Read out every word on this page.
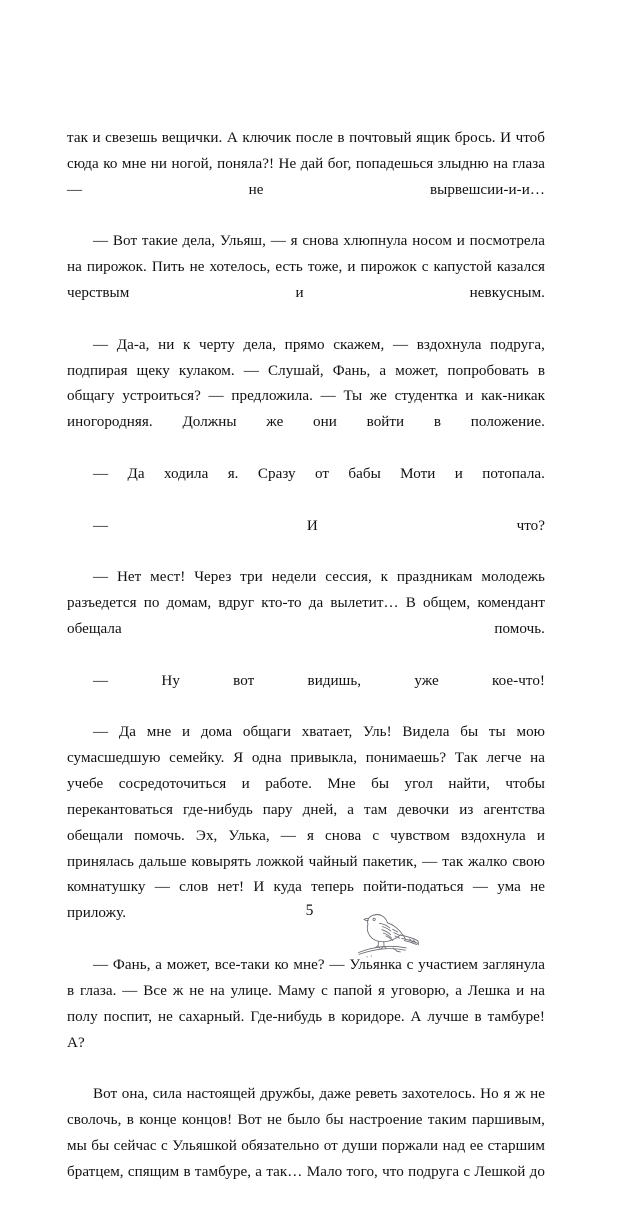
так и свезешь вещички. А ключик после в почтовый ящик брось. И чтоб сюда ко мне ни ногой, поняла?! Не дай бог, попадешься злыдню на глаза — не вырвешсии-и-и…

— Вот такие дела, Ульяш, — я снова хлюпнула носом и посмотрела на пирожок. Пить не хотелось, есть тоже, и пирожок с капустой казался черствым и невкусным.

— Да-а, ни к черту дела, прямо скажем, — вздохнула подруга, подпирая щеку кулаком. — Слушай, Фань, а может, попробовать в общагу устроиться? — предложила. — Ты же студентка и как-никак иногородняя. Должны же они войти в положение.

— Да ходила я. Сразу от бабы Моти и потопала.

— И что?

— Нет мест! Через три недели сессия, к праздникам молодежь разъедется по домам, вдруг кто-то да вылетит… В общем, комендант обещала помочь.

— Ну вот видишь, уже кое-что!

— Да мне и дома общаги хватает, Уль! Видела бы ты мою сумасшедшую семейку. Я одна привыкла, понимаешь? Так легче на учебе сосредоточиться и работе. Мне бы угол найти, чтобы перекантоваться где-нибудь пару дней, а там девочки из агентства обещали помочь. Эх, Улька, — я снова с чувством вздохнула и принялась дальше ковырять ложкой чайный пакетик, — так жалко свою комнатушку — слов нет! И куда теперь пойти-податься — ума не приложу.

— Фань, а может, все-таки ко мне? — Ульянка с участием заглянула в глаза. — Все ж не на улице. Маму с папой я уговорю, а Лешка и на полу поспит, не сахарный. Где-нибудь в коридоре. А лучше в тамбуре! А?

Вот она, сила настоящей дружбы, даже реветь захотелось. Но я ж не сволочь, в конце концов! Вот не было бы настроение таким паршивым, мы бы сейчас с Ульяшкой обязательно от души поржали над ее старшим братцем, спящим в тамбуре, а так… Мало того, что подруга с Лешкой до

5
